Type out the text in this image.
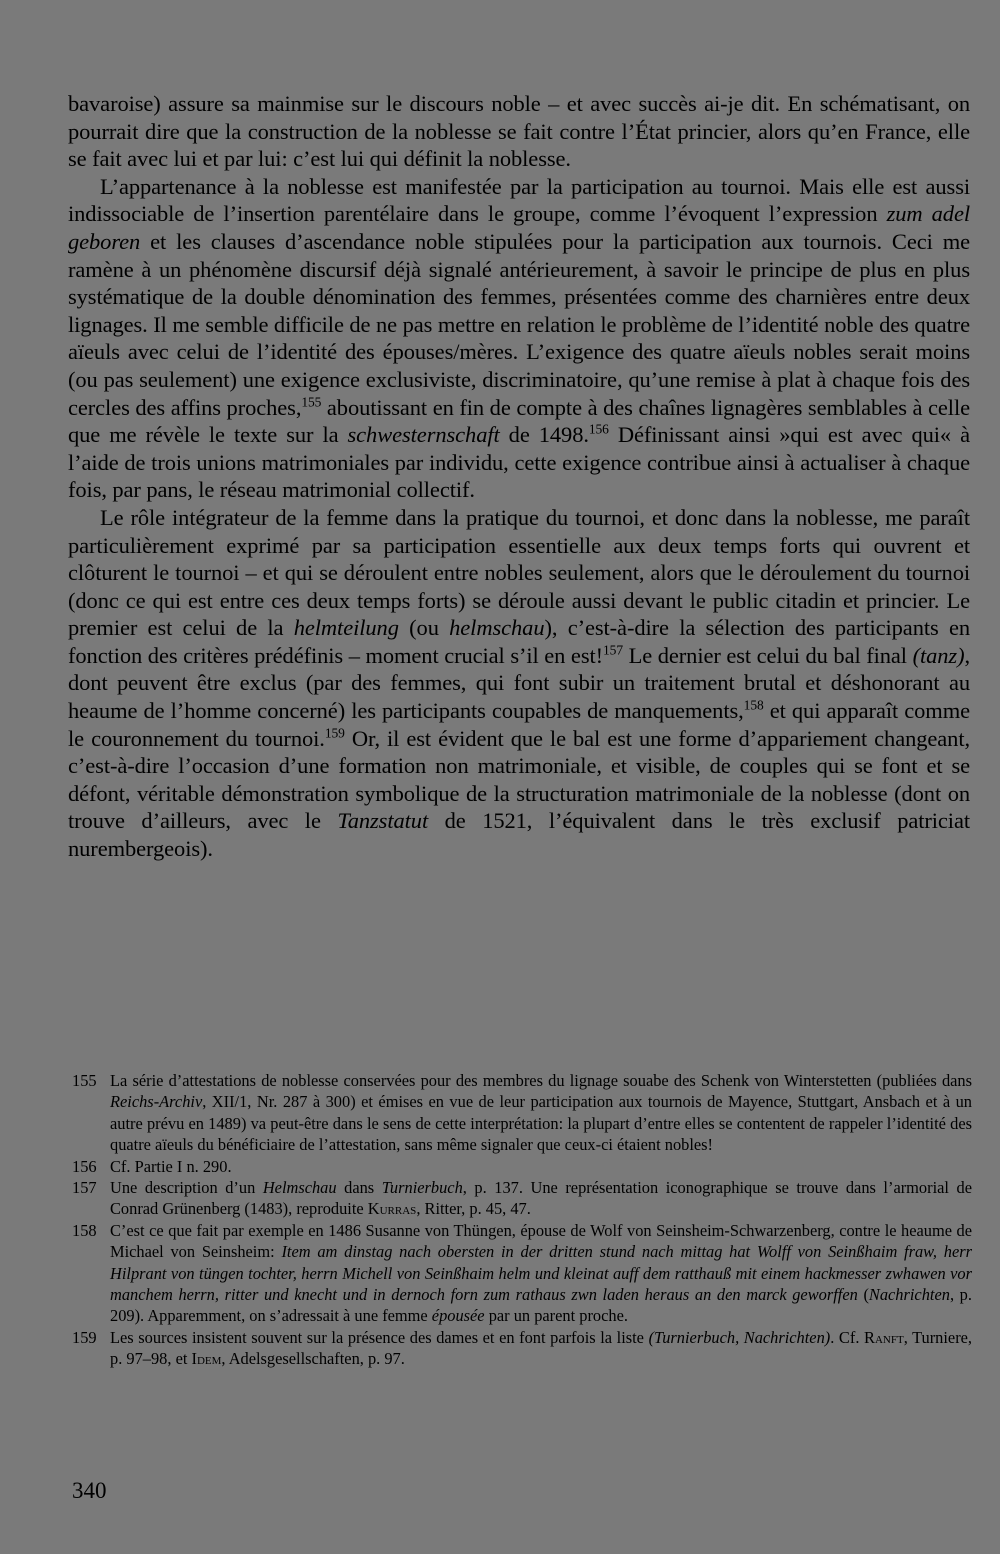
bavaroise) assure sa mainmise sur le discours noble – et avec succès ai-je dit. En schématisant, on pourrait dire que la construction de la noblesse se fait contre l’État princier, alors qu’en France, elle se fait avec lui et par lui: c’est lui qui définit la noblesse.

L’appartenance à la noblesse est manifestée par la participation au tournoi. Mais elle est aussi indissociable de l’insertion parentélaire dans le groupe, comme l’évoquent l’expression zum adel geboren et les clauses d’ascendance noble stipulées pour la participation aux tournois. Ceci me ramène à un phénomène discursif déjà signalé antérieurement, à savoir le principe de plus en plus systématique de la double dénomination des femmes, présentées comme des charnières entre deux lignages. Il me semble difficile de ne pas mettre en relation le problème de l’identité noble des quatre aïeuls avec celui de l’identité des épouses/mères. L’exigence des quatre aïeuls nobles serait moins (ou pas seulement) une exigence exclusiviste, discriminatoire, qu’une remise à plat à chaque fois des cercles des affins proches,$^{155}$ aboutissant en fin de compte à des chaînes lignagères semblables à celle que me révèle le texte sur la schwesternschaft de 1498.$^{156}$ Définissant ainsi »qui est avec qui« à l’aide de trois unions matrimoniales par individu, cette exigence contribue ainsi à actualiser à chaque fois, par pans, le réseau matrimonial collectif.

Le rôle intégrateur de la femme dans la pratique du tournoi, et donc dans la noblesse, me paraît particulièrement exprimé par sa participation essentielle aux deux temps forts qui ouvrent et clôturent le tournoi – et qui se déroulent entre nobles seulement, alors que le déroulement du tournoi (donc ce qui est entre ces deux temps forts) se déroule aussi devant le public citadin et princier. Le premier est celui de la helmteilung (ou helmschau), c’est-à-dire la sélection des participants en fonction des critères prédéfinis – moment crucial s’il en est!$^{157}$ Le dernier est celui du bal final (tanz), dont peuvent être exclus (par des femmes, qui font subir un traitement brutal et déshonorant au heaume de l’homme concerné) les participants coupables de manquements,$^{158}$ et qui apparaît comme le couronnement du tournoi.$^{159}$ Or, il est évident que le bal est une forme d’appariement changeant, c’est-à-dire l’occasion d’une formation non matrimoniale, et visible, de couples qui se font et se défont, véritable démonstration symbolique de la structuration matrimoniale de la noblesse (dont on trouve d’ailleurs, avec le Tanzstatut de 1521, l’équivalent dans le très exclusif patriciat nurembergeois).

155 La série d’attestations de noblesse conservées pour des membres du lignage souabe des Schenk von Winterstetten (publiées dans Reichs-Archiv, XII/1, Nr. 287 à 300) et émises en vue de leur participation aux tournois de Mayence, Stuttgart, Ansbach et à un autre prévu en 1489) va peut-être dans le sens de cette interprétation: la plupart d’entre elles se contentent de rappeler l’identité des quatre aïeuls du bénéficiaire de l’attestation, sans même signaler que ceux-ci étaient nobles!

156 Cf. Partie I n. 290.

157 Une description d’un Helmschau dans Turnierbuch, p. 137. Une représentation iconographique se trouve dans l’armorial de Conrad Grünenberg (1483), reproduite Kurras, Ritter, p. 45, 47.

158 C’est ce que fait par exemple en 1486 Susanne von Thüngen, épouse de Wolf von Seinsheim-Schwarzenberg, contre le heaume de Michael von Seinsheim: Item am dinstag nach obersten in der dritten stund nach mittag hat Wolff von Seinßhaim fraw, herr Hilprant von tüngen tochter, herrn Michell von Seinßhaim helm und kleinat auff dem ratthauß mit einem hackmesser zwhawen vor manchem herrn, ritter und knecht und in dernoch forn zum rathaus zwn laden heraus an den marck geworffen (Nachrichten, p. 209). Apparemment, on s’adressait à une femme épousée par un parent proche.

159 Les sources insistent souvent sur la présence des dames et en font parfois la liste (Turnierbuch, Nachrichten). Cf. Ranft, Turniere, p. 97–98, et Idem, Adelsgesellschaften, p. 97.

340
